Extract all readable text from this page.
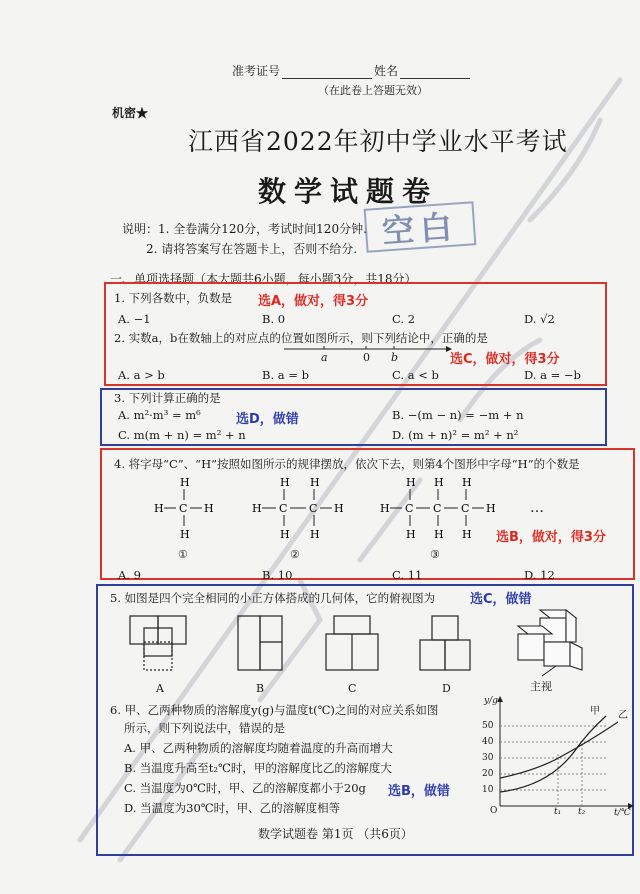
准考证号	姓名
（在此卷上答题无效）
机密★
江西省2022年初中学业水平考试
数学试题卷
空白
说明：1. 全卷满分120分，考试时间120分钟.
2. 请将答案写在答题卡上，否则不给分.
一、单项选择题（本大题共6小题，每小题3分，共18分）
1. 下列各数中，负数是 选A，做对，得3分
A. −1	B. 0	C. 2	D. √2
2. 实数a，b在数轴上的对应点的位置如图所示，则下列结论中，正确的是
a	0 b	选C，做对，得3分
A. a > b	B. a = b	C. a < b	D. a = −b
3. 下列计算正确的是
选D，做错
A. m²·m³ = m⁶	B. −(m − n) = −m + n
C. m(m + n) = m² + n	D. (m + n)² = m² + n²
4. 将字母“C”、“H”按照如图所示的规律摆放，依次下去，则第4个图形中字母“H”的个数是
H
H C H
H
①
H H
H C C H
H H
②
H H H
H C C C H
H H H
③
…
选B，做对，得3分
A. 9	B. 10	C. 11	D. 12
5. 如图是四个完全相同的小正方体搭成的几何体，它的俯视图为	选C，做错
A	B	C	D	主视
6. 甲、乙两种物质的溶解度y(g)与温度t(℃)之间的对应关系如图
所示，则下列说法中，错误的是
A. 甲、乙两种物质的溶解度均随着温度的升高而增大
B. 当温度升高至t₂℃时，甲的溶解度比乙的溶解度大
C. 当温度为0℃时，甲、乙的溶解度都小于20g
D. 当温度为30℃时，甲、乙的溶解度相等
选B，做错
y/g
50
40
30
20
10
O	t₁ t₂	t/℃
甲 乙
数学试题卷 第1页 （共6页）
